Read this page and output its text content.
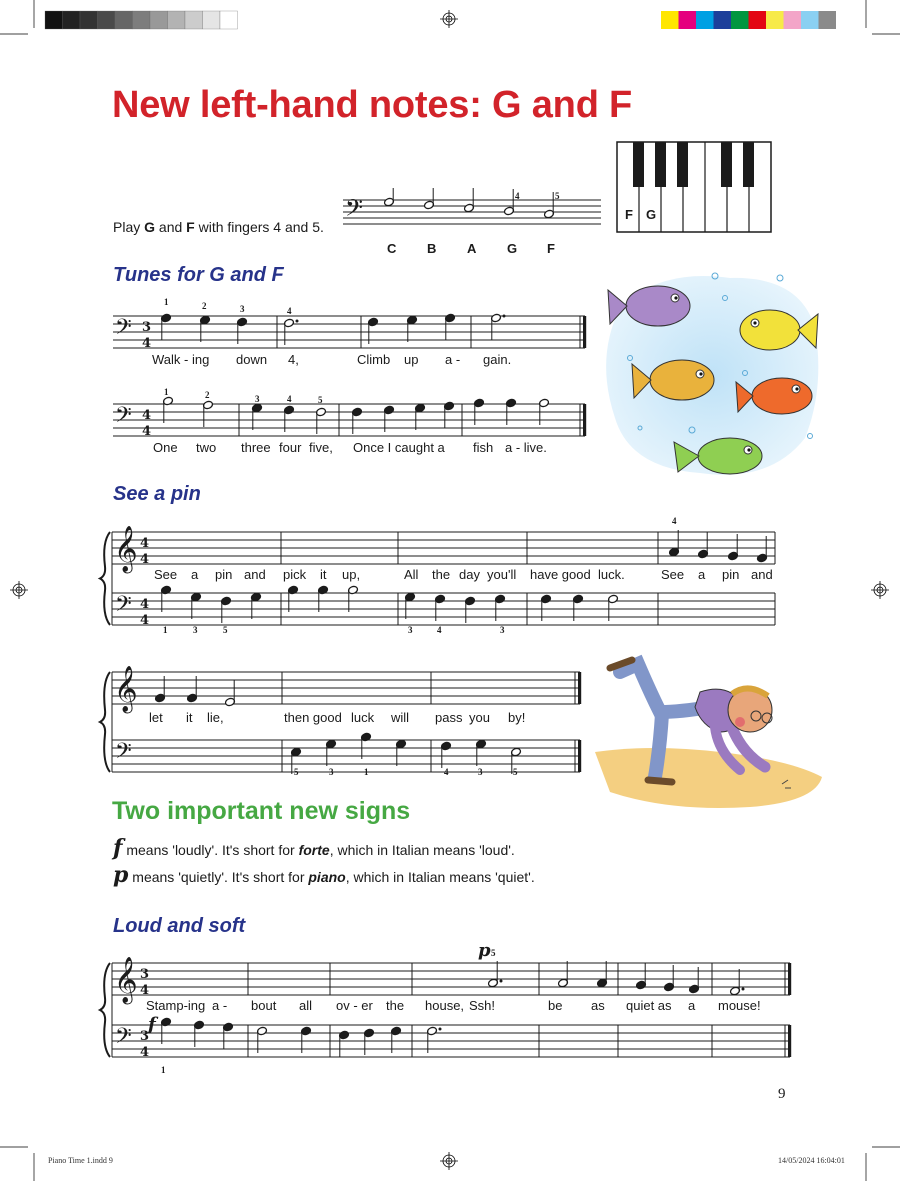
New left-hand notes: G and F
Play G and F with fingers 4 and 5. 𝄢
C B A G F
4	5
F G
Tunes for G and F
See a pin
Two important new signs
Loud and soft
𝄢 3
4
Walk - ing down 4,	Climb up a - gain.
1	2	3	4
𝄢 4
4
One two three four five, Once I caught a fish a - live.
1	2	3	4	5
𝄞 4
4
𝄢 4
4
See a pin and pick it up,	All the day you'll have good luck.	See a pin and
1	3	5	3	4	3
4
𝄞
𝄢
let it lie,	then good luck will pass you by!
5	3	1	4	3	5
𝄞 3
4
𝄢 3
4
Stamp-ing a - bout all ov - er the house, Ssh!	be as quiet as a mouse!
5
1
f
p
f means 'loudly'. It's short for forte, which in Italian means 'loud'.
p means 'quietly'. It's short for piano, which in Italian means 'quiet'.
9
Piano Time 1.indd 9	14/05/2024 16:04:01
